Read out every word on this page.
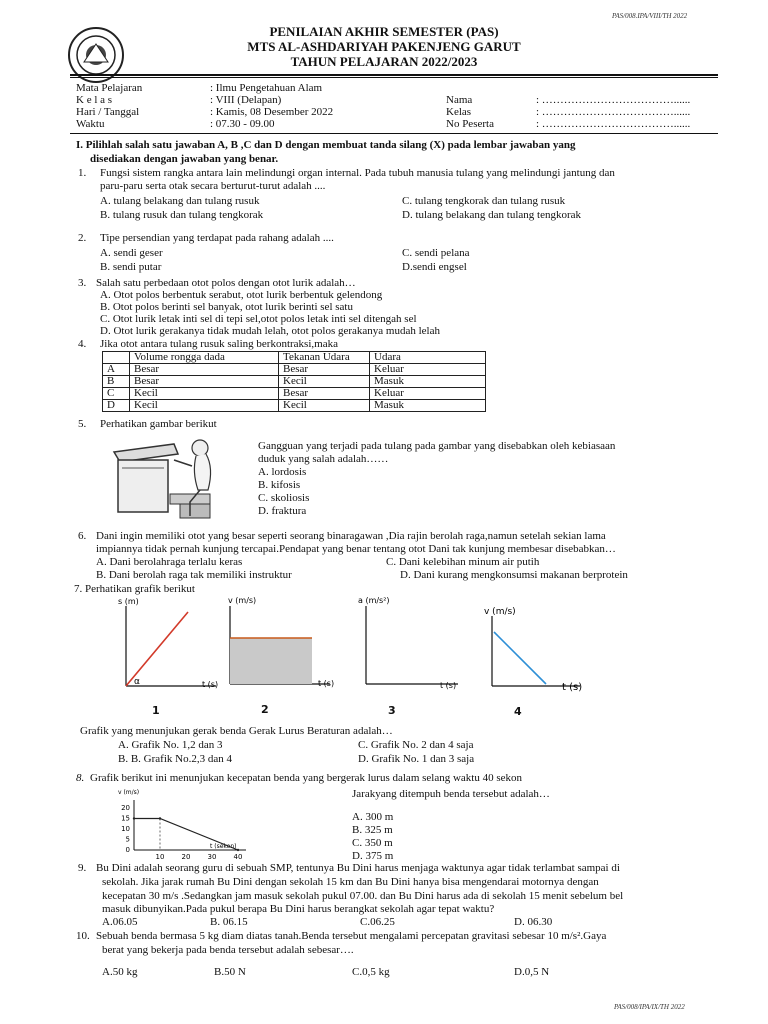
PAS/008.IPA/VIII/TH 2022
PENILAIAN AKHIR SEMESTER (PAS)
MTS AL-ASHDARIYAH PAKENJENG GARUT
TAHUN PELAJARAN 2022/2023
Mata Pelajaran	: Ilmu Pengetahuan Alam
K e l a s	: VIII (Delapan)
Hari / Tanggal	: Kamis, 08 Desember 2022
Waktu	: 07.30 - 09.00
Nama	: ………………………………......
Kelas	: ………………………………......
No Peserta	: ………………………………......
I. Pilihlah salah satu jawaban A, B ,C dan D dengan membuat tanda silang (X) pada lembar jawaban yang
disediakan dengan jawaban yang benar.
1. Fungsi sistem rangka antara lain melindungi organ internal. Pada tubuh manusia tulang yang melindungi jantung dan
paru-paru serta otak secara berturut-turut adalah ....
A. tulang belakang dan tulang rusuk	C. tulang tengkorak dan tulang rusuk
B. tulang rusuk dan tulang tengkorak	D. tulang belakang dan tulang tengkorak
2. Tipe persendian yang terdapat pada rahang adalah ....
A. sendi geser	C. sendi pelana
B. sendi putar	D.sendi engsel
3. Salah satu perbedaan otot polos dengan otot lurik adalah…
A. Otot polos berbentuk serabut, otot lurik berbentuk gelendong
B. Otot polos berinti sel banyak, otot lurik berinti sel satu
C. Otot lurik letak inti sel di tepi sel,otot polos letak inti sel ditengah sel
D. Otot lurik gerakanya tidak mudah lelah, otot polos gerakanya mudah lelah
4. Jika otot antara tulang rusuk saling berkontraksi,maka
	Volume rongga dada	Tekanan Udara	Udara
A	Besar	Besar	Keluar
B	Besar	Kecil	Masuk
C	Kecil	Besar	Keluar
D	Kecil	Kecil	Masuk
5. Perhatikan gambar berikut
Gangguan yang terjadi pada tulang pada gambar yang disebabkan oleh kebiasaan
duduk yang salah adalah……
A. lordosis
B. kifosis
C. skoliosis
D. fraktura
6. Dani ingin memiliki otot yang besar seperti seorang binaragawan ,Dia rajin berolah raga,namun setelah sekian lama
impiannya tidak pernah kunjung tercapai.Pendapat yang benar tentang otot Dani tak kunjung membesar disebabkan…
A. Dani berolahraga terlalu keras	C. Dani kelebihan minum air putih
B. Dani berolah raga tak memiliki instruktur	D. Dani kurang mengkonsumsi makanan berprotein
7. Perhatikan grafik berikut
s (m)
t (s)
α
v (m/s)
t (s)
a (m/s²)
t (s)
v (m/s)
t (s)
1	2	3	4
Grafik yang menunjukan gerak benda Gerak Lurus Beraturan adalah…
A. Grafik No. 1,2 dan 3	C. Grafik No. 2 dan 4 saja
B. B. Grafik No.2,3 dan 4	D. Grafik No. 1 dan 3 saja
8. Grafik berikut ini menunjukan kecepatan benda yang bergerak lurus dalam selang waktu 40 sekon
v (m/s)
t (sekon)
0
5
10
15
20
10 20 30 40
Jarakyang ditempuh benda tersebut adalah…
A. 300 m
B. 325 m
C. 350 m
D. 375 m
9. Bu Dini adalah seorang guru di sebuah SMP, tentunya Bu Dini harus menjaga waktunya agar tidak terlambat sampai di
sekolah. Jika jarak rumah Bu Dini dengan sekolah 15 km dan Bu Dini hanya bisa mengendarai motornya dengan
kecepatan 30 m/s .Sedangkan jam masuk sekolah pukul 07.00. dan Bu Dini harus ada di sekolah 15 menit sebelum bel
masuk dibunyikan.Pada pukul berapa Bu Dini harus berangkat sekolah agar tepat waktu?
A.06.05	B. 06.15	C.06.25	D. 06.30
10. Sebuah benda bermasa 5 kg diam diatas tanah.Benda tersebut mengalami percepatan gravitasi sebesar 10 m/s².Gaya
berat yang bekerja pada benda tersebut adalah sebesar….
A.50 kg	B.50 N	C.0,5 kg	D.0,5 N
PAS/008/IPA/IX/TH 2022
